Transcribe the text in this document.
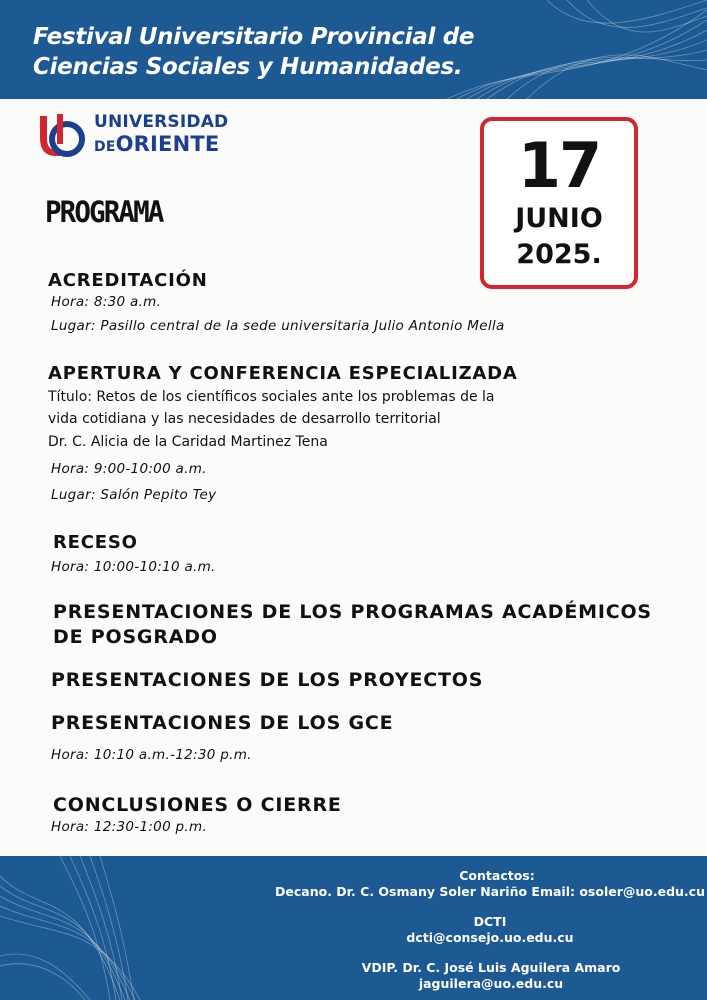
Festival Universitario Provincial de
Ciencias Sociales y Humanidades.
UNIVERSIDAD
DEORIENTE
PROGRAMA
17
JUNIO
2025.
ACREDITACIÓN
Hora: 8:30 a.m.
Lugar: Pasillo central de la sede universitaria Julio Antonio Mella
APERTURA Y CONFERENCIA ESPECIALIZADA
Título: Retos de los científicos sociales ante los problemas de la
vida cotidiana y las necesidades de desarrollo territorial
Dr. C. Alicia de la Caridad Martinez Tena
Hora: 9:00-10:00 a.m.
Lugar: Salón Pepito Tey
RECESO
Hora: 10:00-10:10 a.m.
PRESENTACIONES DE LOS PROGRAMAS ACADÉMICOS
DE POSGRADO
PRESENTACIONES DE LOS PROYECTOS
PRESENTACIONES DE LOS GCE
Hora: 10:10 a.m.-12:30 p.m.
CONCLUSIONES O CIERRE
Hora: 12:30-1:00 p.m.
Contactos:
Decano. Dr. C. Osmany Soler Nariño Email: osoler@uo.edu.cu
DCTI
dcti@consejo.uo.edu.cu
VDIP. Dr. C. José Luis Aguilera Amaro
jaguilera@uo.edu.cu
